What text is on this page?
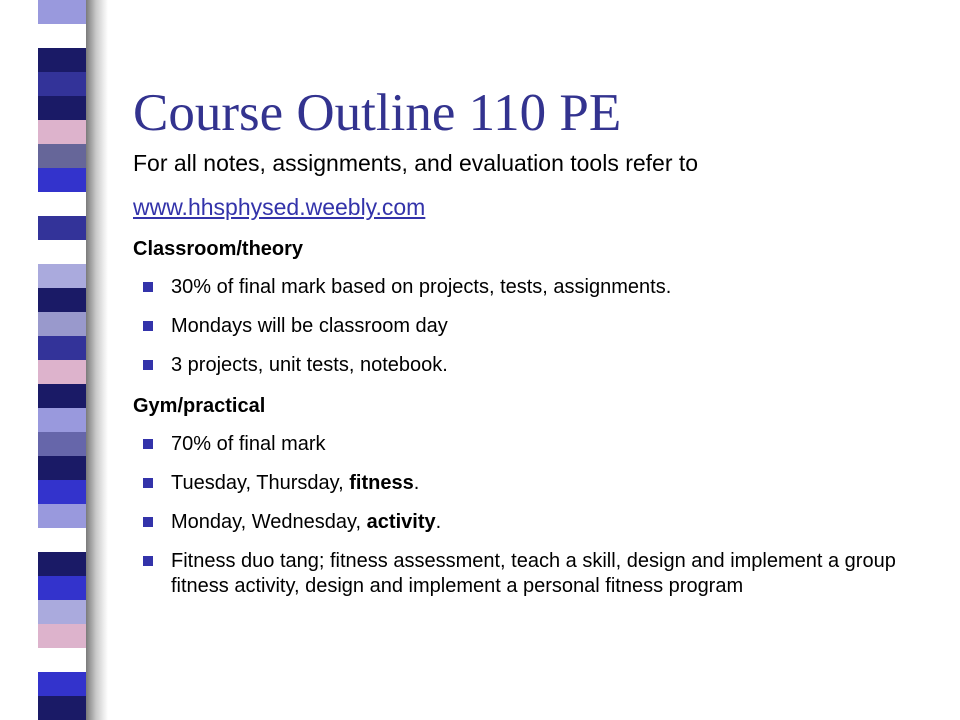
Course Outline 110 PE

For all notes, assignments, and evaluation tools refer to

www.hhsphysed.weebly.com

Classroom/theory

30% of final mark based on projects, tests, assignments.
Mondays will be classroom day
3 projects, unit tests, notebook.

Gym/practical

70% of final mark
Tuesday, Thursday, fitness.
Monday, Wednesday, activity.
Fitness duo tang; fitness assessment, teach a skill, design and implement a group fitness activity, design and implement a personal fitness program
